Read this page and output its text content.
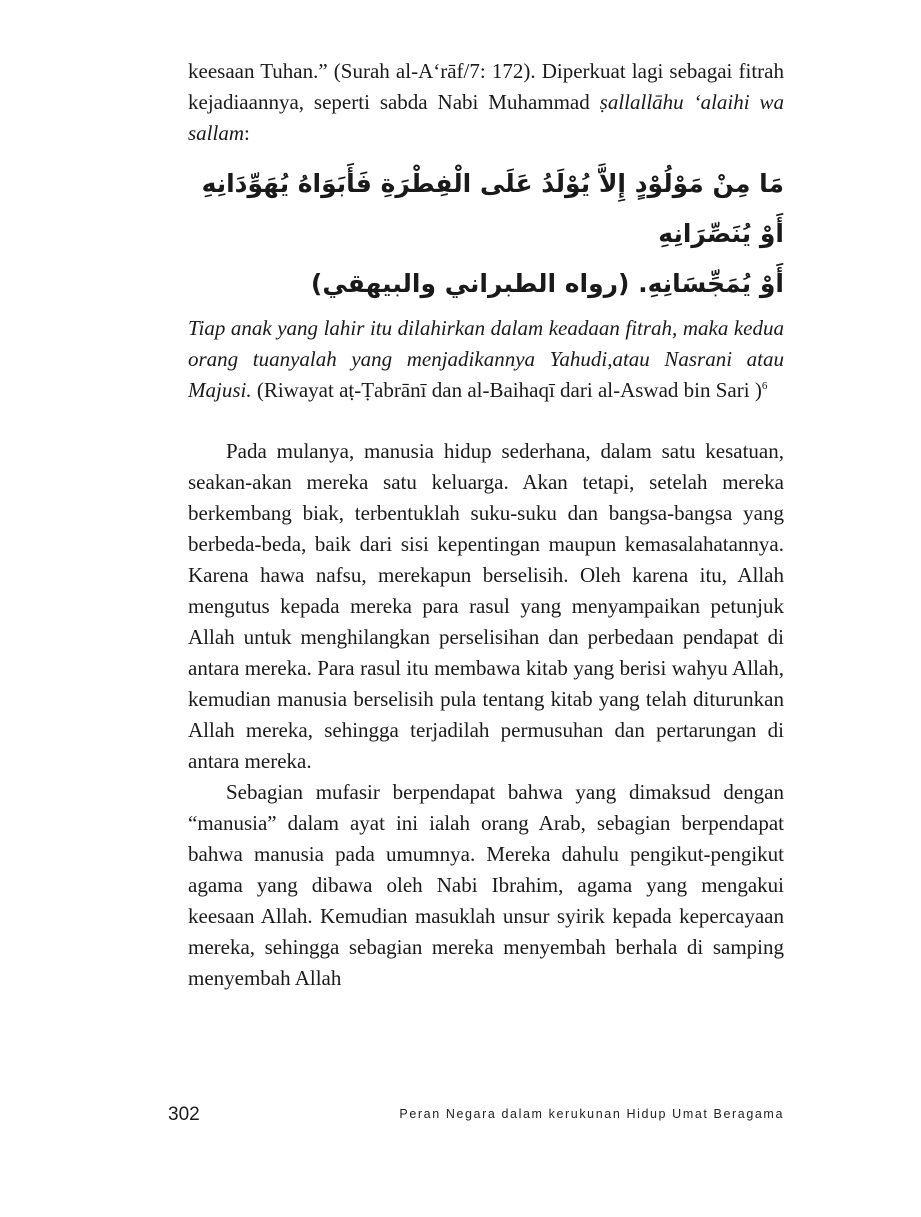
keesaan Tuhan.” (Surah al-A‘rāf/7: 172). Diperkuat lagi sebagai fitrah kejadiaannya, seperti sabda Nabi Muhammad ṣallallāhu ‘alaihi wa sallam:

مَا مِنْ مَوْلُوْدٍ إِلاَّ يُوْلَدُ عَلَى الْفِطْرَةِ فَأَبَوَاهُ يُهَوِّدَانِهِ أَوْ يُنَصِّرَانِهِ
أَوْ يُمَجِّسَانِهِ. (رواه الطبراني والبيهقي)

Tiap anak yang lahir itu dilahirkan dalam keadaan fitrah, maka kedua orang tuanyalah yang menjadikannya Yahudi,atau Nasrani atau Majusi. (Riwayat aṭ-Ṭabrānī dan al-Baihaqī dari al-Aswad bin Sari )$^6$

Pada mulanya, manusia hidup sederhana, dalam satu kesatuan, seakan-akan mereka satu keluarga. Akan tetapi, setelah mereka berkembang biak, terbentuklah suku-suku dan bangsa-bangsa yang berbeda-beda, baik dari sisi kepentingan maupun kemasalahatannya. Karena hawa nafsu, merekapun berselisih. Oleh karena itu, Allah mengutus kepada mereka para rasul yang menyampaikan petunjuk Allah untuk menghilangkan perselisihan dan perbedaan pendapat di antara mereka. Para rasul itu membawa kitab yang berisi wahyu Allah, kemudian manusia berselisih pula tentang kitab yang telah diturunkan Allah mereka, sehingga terjadilah permusuhan dan pertarungan di antara mereka.

Sebagian mufasir berpendapat bahwa yang dimaksud dengan “manusia” dalam ayat ini ialah orang Arab, sebagian berpendapat bahwa manusia pada umumnya. Mereka dahulu pengikut-pengikut agama yang dibawa oleh Nabi Ibrahim, agama yang mengakui keesaan Allah. Kemudian masuklah unsur syirik kepada kepercayaan mereka, sehingga sebagian mereka menyembah berhala di samping menyembah Allah

302	Peran Negara dalam kerukunan Hidup Umat Beragama
